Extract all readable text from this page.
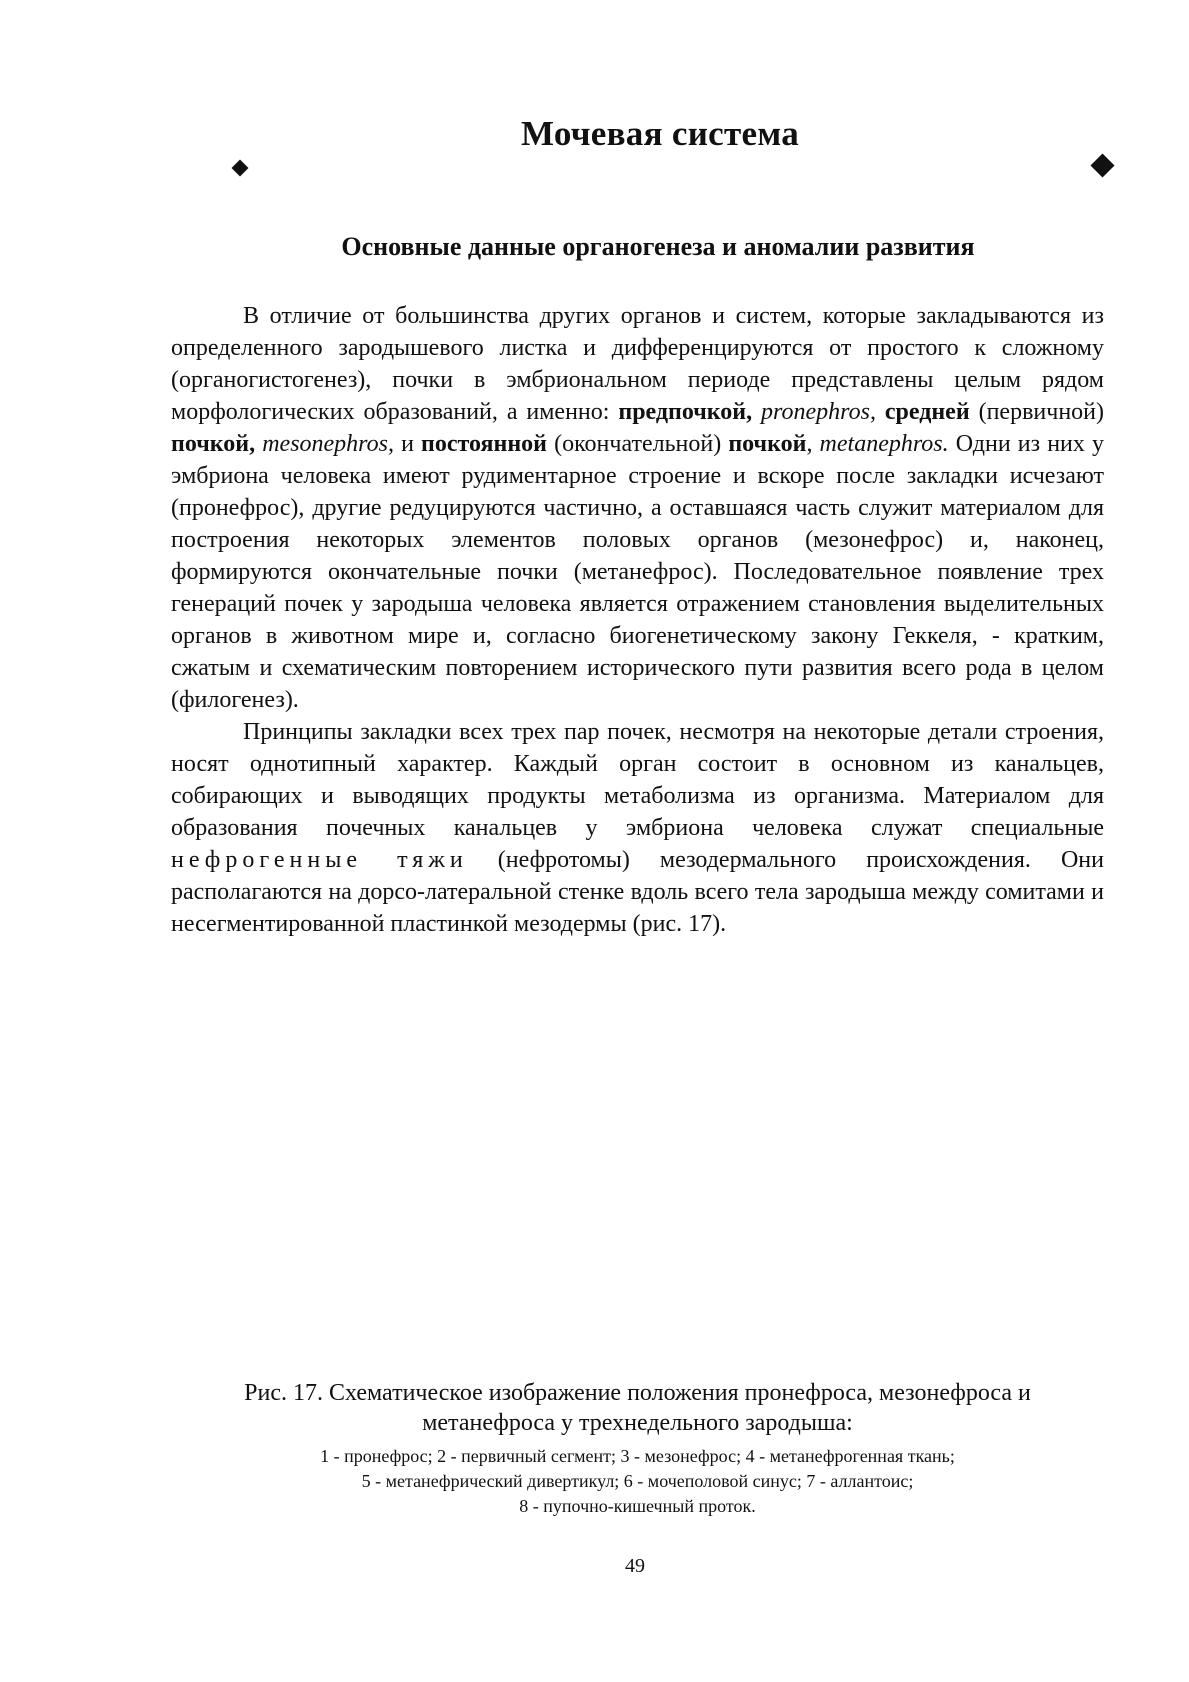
Мочевая система
Основные данные органогенеза и аномалии развития

В отличие от большинства других органов и систем, которые закладываются из определенного зародышевого листка и дифференцируются от простого к сложному (органогистогенез), почки в эмбриональном периоде представлены целым рядом морфологических образований, а именно: предпочкой, pronephros, средней (первичной) почкой, mesonephros, и постоянной (окончательной) почкой, metanephros. Одни из них у эмбриона человека имеют рудиментарное строение и вскоре после закладки исчезают (пронефрос), другие редуцируются частично, а оставшаяся часть служит материалом для построения некоторых элементов половых органов (мезонефрос) и, наконец, формируются окончательные почки (метанефрос). Последовательное появление трех генераций почек у зародыша человека является отражением становления выделительных органов в животном мире и, согласно биогенетическому закону Геккеля, - кратким, сжатым и схематическим повторением исторического пути развития всего рода в целом (филогенез).

Принципы закладки всех трех пар почек, несмотря на некоторые детали строения, носят однотипный характер. Каждый орган состоит в основном из канальцев, собирающих и выводящих продукты метаболизма из организма. Материалом для образования почечных канальцев у эмбриона человека служат специальные нефрогенные тяжи (нефротомы) мезодермального происхождения. Они располагаются на дорсо-латеральной стенке вдоль всего тела зародыша между сомитами и несегментированной пластинкой мезодермы (рис. 17).

Рис. 17. Схематическое изображение положения пронефроса, мезонефроса и
метанефроса у трехнедельного зародыша:

1 - пронефрос; 2 - первичный сегмент; 3 - мезонефрос; 4 - метанефрогенная ткань;
5 - метанефрический дивертикул; 6 - мочеполовой синус; 7 - аллантоис;
8 - пупочно-кишечный проток.

49
